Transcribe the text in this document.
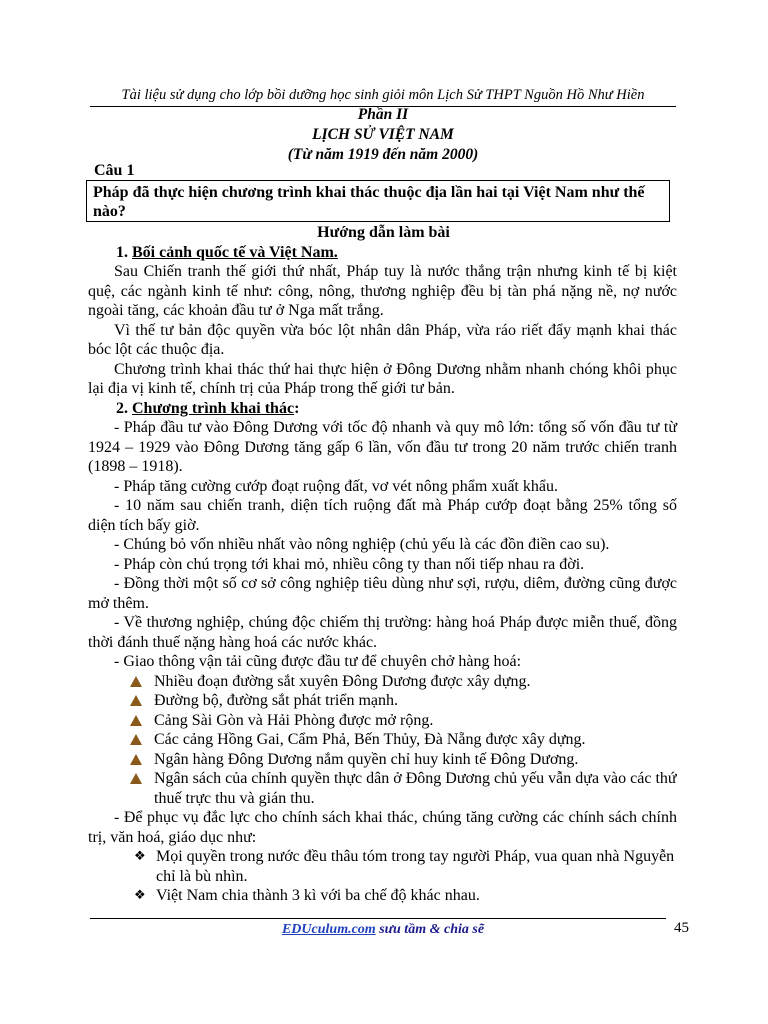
Tài liệu sử dụng cho lớp bồi dưỡng học sinh giỏi môn Lịch Sử THPT Nguồn Hồ Như Hiền
Phần II
LỊCH SỬ VIỆT NAM
(Từ năm 1919 đến năm 2000)
Câu 1
Pháp đã thực hiện chương trình khai thác thuộc địa lần hai tại Việt Nam như thế nào?
Hướng dẫn làm bài
1. Bối cảnh quốc tế và Việt Nam.

Sau Chiến tranh thế giới thứ nhất, Pháp tuy là nước thắng trận nhưng kinh tế bị kiệt quệ, các ngành kinh tế như: công, nông, thương nghiệp đều bị tàn phá nặng nề, nợ nước ngoài tăng, các khoản đầu tư ở Nga mất trắng.

Vì thế tư bản độc quyền vừa bóc lột nhân dân Pháp, vừa ráo riết đẩy mạnh khai thác bóc lột các thuộc địa.

Chương trình khai thác thứ hai thực hiện ở Đông Dương nhằm nhanh chóng khôi phục lại địa vị kinh tế, chính trị của Pháp trong thế giới tư bản.

2. Chương trình khai thác:

- Pháp đầu tư vào Đông Dương với tốc độ nhanh và quy mô lớn: tổng số vốn đầu tư từ 1924 – 1929 vào Đông Dương tăng gấp 6 lần, vốn đầu tư trong 20 năm trước chiến tranh (1898 – 1918).

- Pháp tăng cường cướp đoạt ruộng đất, vơ vét nông phẩm xuất khẩu.

- 10 năm sau chiến tranh, diện tích ruộng đất mà Pháp cướp đoạt bằng 25% tổng số diện tích bấy giờ.

- Chúng bỏ vốn nhiều nhất vào nông nghiệp (chủ yếu là các đồn điền cao su).

- Pháp còn chú trọng tới khai mỏ, nhiều công ty than nối tiếp nhau ra đời.

- Đồng thời một số cơ sở công nghiệp tiêu dùng như sợi, rượu, diêm, đường cũng được mở thêm.

- Về thương nghiệp, chúng độc chiếm thị trường: hàng hoá Pháp được miễn thuế, đồng thời đánh thuế nặng hàng hoá các nước khác.

- Giao thông vận tải cũng được đầu tư để chuyên chở hàng hoá:

Nhiều đoạn đường sắt xuyên Đông Dương được xây dựng.
Đường bộ, đường sắt phát triển mạnh.
Cảng Sài Gòn và Hải Phòng được mở rộng.
Các cảng Hồng Gai, Cẩm Phả, Bến Thủy, Đà Nẵng được xây dựng.
Ngân hàng Đông Dương nắm quyền chỉ huy kinh tế Đông Dương.
Ngân sách của chính quyền thực dân ở Đông Dương chủ yếu vẫn dựa vào các thứ thuế trực thu và gián thu.

- Để phục vụ đắc lực cho chính sách khai thác, chúng tăng cường các chính sách chính trị, văn hoá, giáo dục như:

❖ Mọi quyền trong nước đều thâu tóm trong tay người Pháp, vua quan nhà Nguyễn chỉ là bù nhìn.
❖ Việt Nam chia thành 3 kì với ba chế độ khác nhau.
EDUculum.com sưu tầm & chia sẽ	45
